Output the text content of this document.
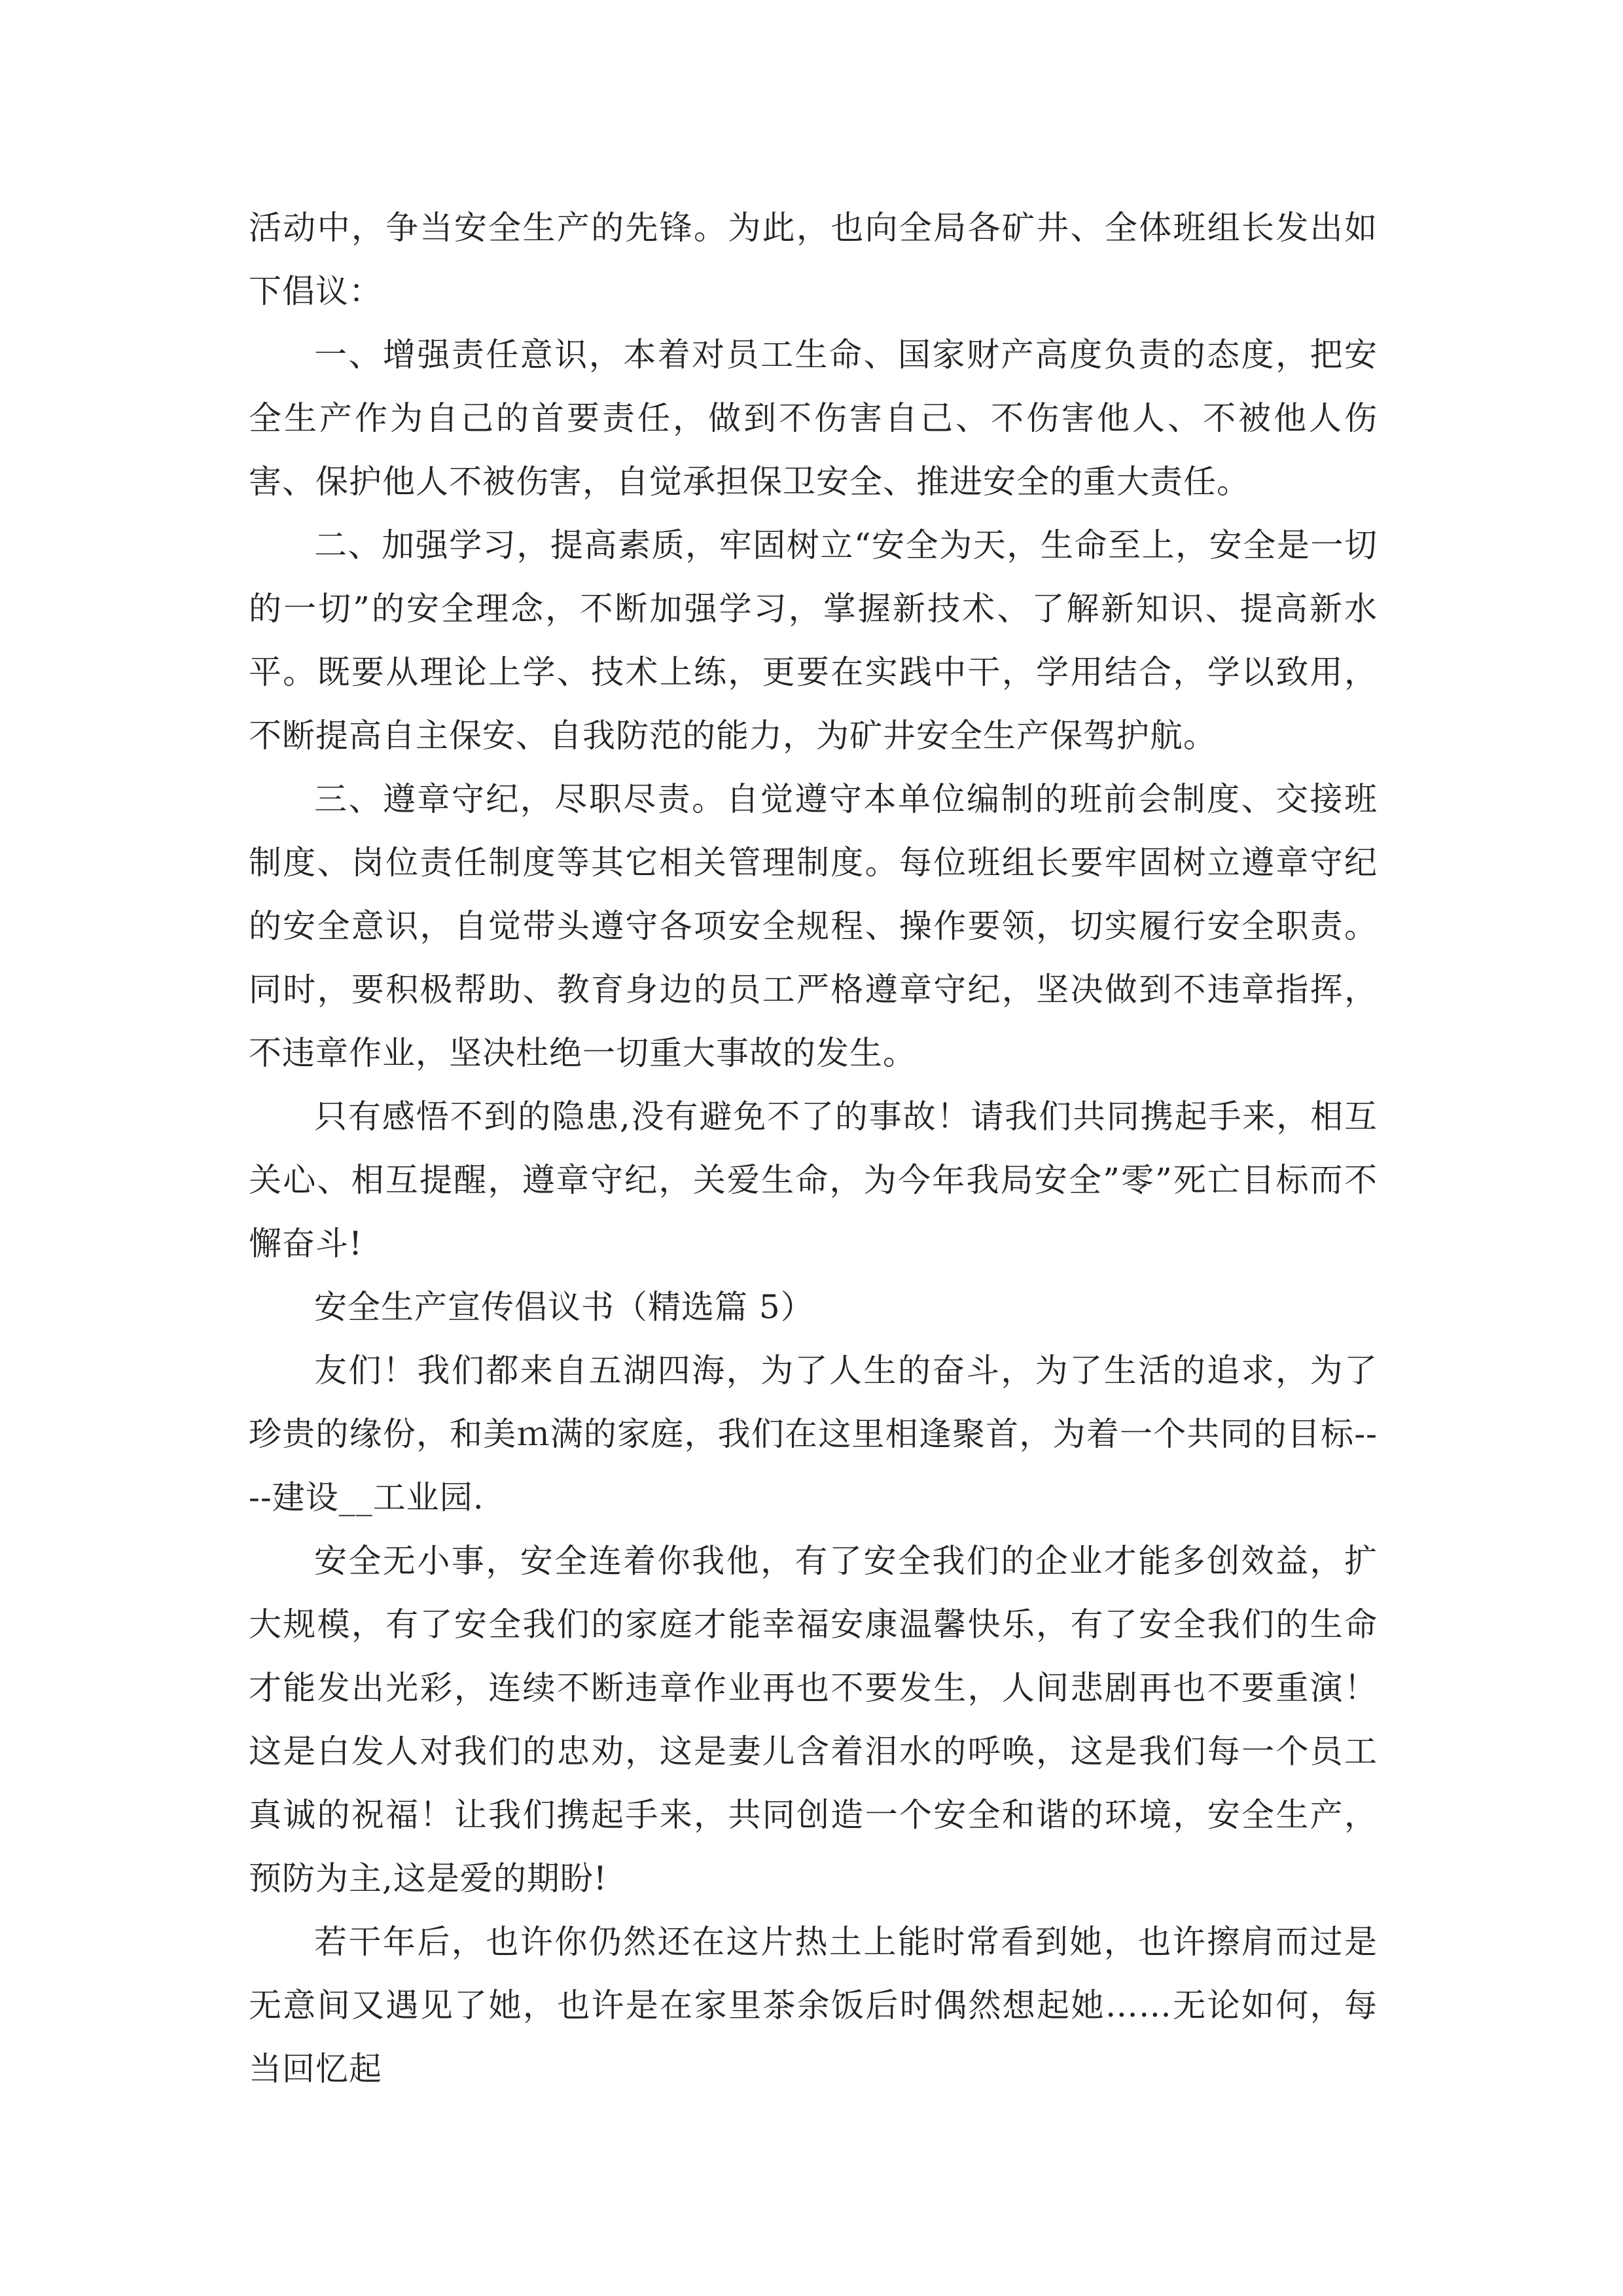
活动中，争当安全生产的先锋。为此，也向全局各矿井、全体班组长发出如下倡议：

一、增强责任意识，本着对员工生命、国家财产高度负责的态度，把安全生产作为自己的首要责任，做到不伤害自己、不伤害他人、不被他人伤害、保护他人不被伤害，自觉承担保卫安全、推进安全的重大责任。

二、加强学习，提高素质，牢固树立“安全为天，生命至上，安全是一切的一切”的安全理念，不断加强学习，掌握新技术、了解新知识、提高新水平。既要从理论上学、技术上练，更要在实践中干，学用结合，学以致用，不断提高自主保安、自我防范的能力，为矿井安全生产保驾护航。

三、遵章守纪，尽职尽责。自觉遵守本单位编制的班前会制度、交接班制度、岗位责任制度等其它相关管理制度。每位班组长要牢固树立遵章守纪的安全意识，自觉带头遵守各项安全规程、操作要领，切实履行安全职责。同时，要积极帮助、教育身边的员工严格遵章守纪，坚决做到不违章指挥，不违章作业，坚决杜绝一切重大事故的发生。

只有感悟不到的隐患,没有避免不了的事故！请我们共同携起手来，相互关心、相互提醒，遵章守纪，关爱生命，为今年我局安全”零”死亡目标而不懈奋斗!

安全生产宣传倡议书（精选篇 5）

友们！我们都来自五湖四海，为了人生的奋斗，为了生活的追求，为了珍贵的缘份，和美ｍ满的家庭，我们在这里相逢聚首，为着一个共同的目标----建设__工业园.

安全无小事，安全连着你我他，有了安全我们的企业才能多创效益，扩大规模，有了安全我们的家庭才能幸福安康温馨快乐，有了安全我们的生命才能发出光彩，连续不断违章作业再也不要发生，人间悲剧再也不要重演！这是白发人对我们的忠劝，这是妻儿含着泪水的呼唤，这是我们每一个员工真诚的祝福！让我们携起手来，共同创造一个安全和谐的环境，安全生产，预防为主,这是爱的期盼!

若干年后，也许你仍然还在这片热土上能时常看到她，也许擦肩而过是无意间又遇见了她，也许是在家里茶余饭后时偶然想起她……无论如何，每当回忆起
